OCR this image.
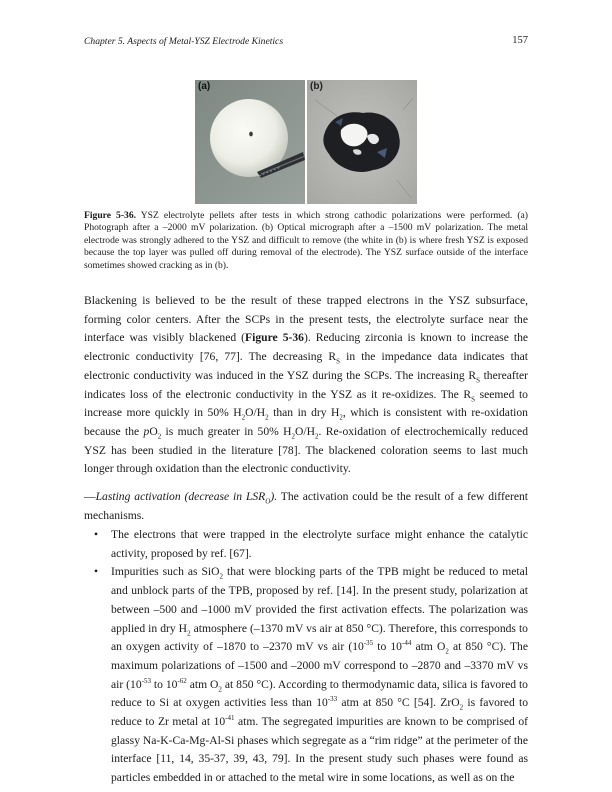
Chapter 5. Aspects of Metal-YSZ Electrode Kinetics	157
(a)	(b)
Figure 5-36. YSZ electrolyte pellets after tests in which strong cathodic polarizations were performed. (a) Photograph after a –2000 mV polarization. (b) Optical micrograph after a –1500 mV polarization. The metal electrode was strongly adhered to the YSZ and difficult to remove (the white in (b) is where fresh YSZ is exposed because the top layer was pulled off during removal of the electrode). The YSZ surface outside of the interface sometimes showed cracking as in (b).

Blackening is believed to be the result of these trapped electrons in the YSZ subsurface, forming color centers. After the SCPs in the present tests, the electrolyte surface near the interface was visibly blackened (Figure 5-36). Reducing zirconia is known to increase the electronic conductivity [76, 77]. The decreasing $R_S$ in the impedance data indicates that electronic conductivity was induced in the YSZ during the SCPs. The increasing $R_S$ thereafter indicates loss of the electronic conductivity in the YSZ as it re-oxidizes. The $R_S$ seemed to increase more quickly in 50% $H_2O/H_2$ than in dry $H_2$, which is consistent with re-oxidation because the $pO_2$ is much greater in 50% $H_2O/H_2$. Re-oxidation of electrochemically reduced YSZ has been studied in the literature [78]. The blackened coloration seems to last much longer through oxidation than the electronic conductivity.

—Lasting activation (decrease in $LSR_O$). The activation could be the result of a few different mechanisms.

• The electrons that were trapped in the electrolyte surface might enhance the catalytic activity, proposed by ref. [67].
• Impurities such as SiO$_2$ that were blocking parts of the TPB might be reduced to metal and unblock parts of the TPB, proposed by ref. [14]. In the present study, polarization at between –500 and –1000 mV provided the first activation effects. The polarization was applied in dry $H_2$ atmosphere (–1370 mV vs air at 850 °C). Therefore, this corresponds to an oxygen activity of –1870 to –2370 mV vs air ($10^{-35}$ to $10^{-44}$ atm $O_2$ at 850 °C). The maximum polarizations of –1500 and –2000 mV correspond to –2870 and –3370 mV vs air ($10^{-53}$ to $10^{-62}$ atm $O_2$ at 850 °C). According to thermodynamic data, silica is favored to reduce to Si at oxygen activities less than $10^{-33}$ atm at 850 °C [54]. ZrO$_2$ is favored to reduce to Zr metal at $10^{-41}$ atm. The segregated impurities are known to be comprised of glassy Na-K-Ca-Mg-Al-Si phases which segregate as a “rim ridge” at the perimeter of the interface [11, 14, 35-37, 39, 43, 79]. In the present study such phases were found as particles embedded in or attached to the metal wire in some locations, as well as on the
